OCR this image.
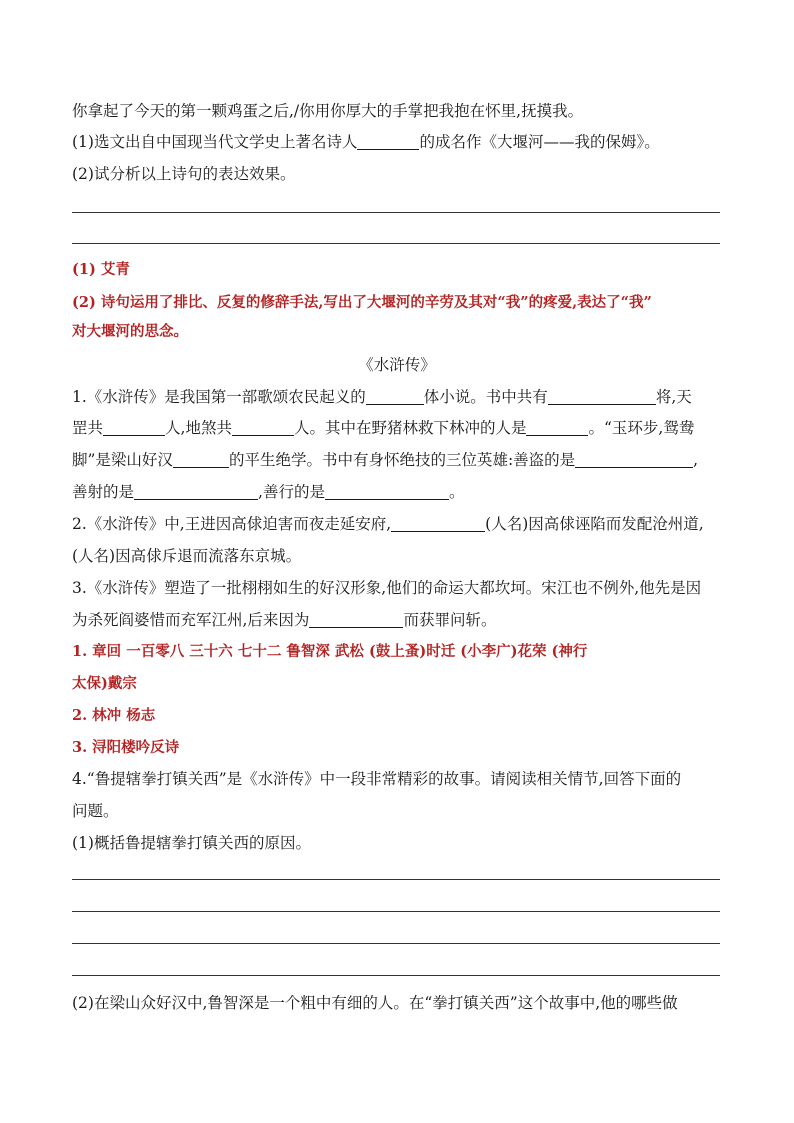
你拿起了今天的第一颗鸡蛋之后,/你用你厚大的手掌把我抱在怀里,抚摸我。
(1)选文出自中国现当代文学史上著名诗人	的成名作《大堰河——我的保姆》。
(2)试分析以上诗句的表达效果。
(1) 艾青
(2) 诗句运用了排比、反复的修辞手法,写出了大堰河的辛劳及其对“我”的疼爱,表达了“我”
对大堰河的思念。
《水浒传》
1.《水浒传》是我国第一部歌颂农民起义的	体小说。书中共有	将,天
罡共	人,地煞共	人。其中在野猪林救下林冲的人是	。“玉环步,鸳鸯
脚”是梁山好汉	的平生绝学。书中有身怀绝技的三位英雄:善盗的是	,
善射的是	,善行的是	。
2.《水浒传》中,王进因高俅迫害而夜走延安府,	(人名)因高俅诬陷而发配沧州道,
(人名)因高俅斥退而流落东京城。
3.《水浒传》塑造了一批栩栩如生的好汉形象,他们的命运大都坎坷。宋江也不例外,他先是因
为杀死阎婆惜而充军江州,后来因为	而获罪问斩。
1. 章回 一百零八 三十六 七十二 鲁智深 武松 (鼓上蚤)时迁 (小李广)花荣 (神行
太保)戴宗
2. 林冲 杨志
3. 浔阳楼吟反诗
4.“鲁提辖拳打镇关西”是《水浒传》中一段非常精彩的故事。请阅读相关情节,回答下面的
问题。
(1)概括鲁提辖拳打镇关西的原因。
(2)在梁山众好汉中,鲁智深是一个粗中有细的人。在“拳打镇关西”这个故事中,他的哪些做
